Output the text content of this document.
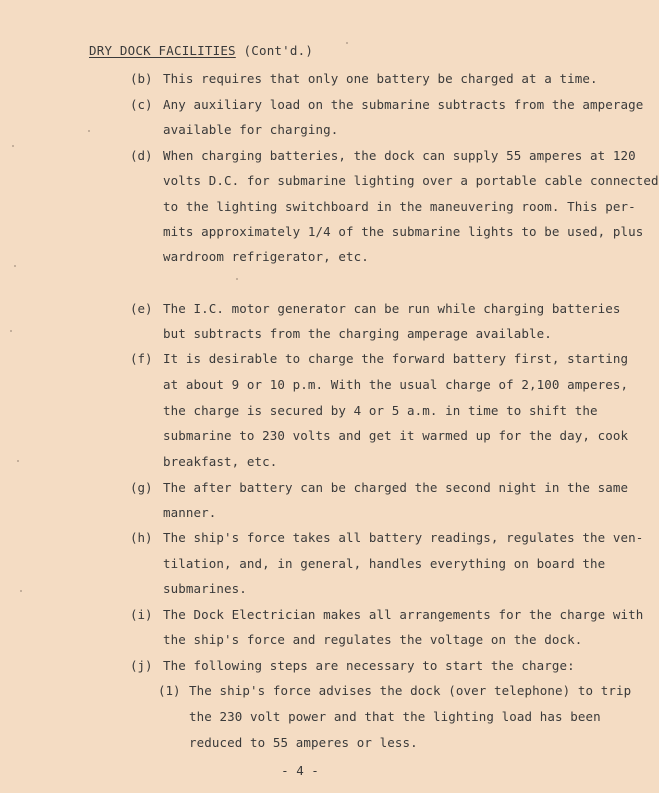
DRY DOCK FACILITIES (Cont'd.)
(b) This requires that only one battery be charged at a time.
(c) Any auxiliary load on the submarine subtracts from the amperage
available for charging.
(d) When charging batteries, the dock can supply 55 amperes at 120
volts D.C. for submarine lighting over a portable cable connected
to the lighting switchboard in the maneuvering room. This per-
mits approximately 1/4 of the submarine lights to be used, plus
wardroom refrigerator, etc.
(e) The I.C. motor generator can be run while charging batteries
but subtracts from the charging amperage available.
(f) It is desirable to charge the forward battery first, starting
at about 9 or 10 p.m. With the usual charge of 2,100 amperes,
the charge is secured by 4 or 5 a.m. in time to shift the
submarine to 230 volts and get it warmed up for the day, cook
breakfast, etc.
(g) The after battery can be charged the second night in the same
manner.
(h) The ship's force takes all battery readings, regulates the ven-
tilation, and, in general, handles everything on board the
submarines.
(i) The Dock Electrician makes all arrangements for the charge with
the ship's force and regulates the voltage on the dock.
(j) The following steps are necessary to start the charge:
(1) The ship's force advises the dock (over telephone) to trip
the 230 volt power and that the lighting load has been
reduced to 55 amperes or less.
- 4 -
